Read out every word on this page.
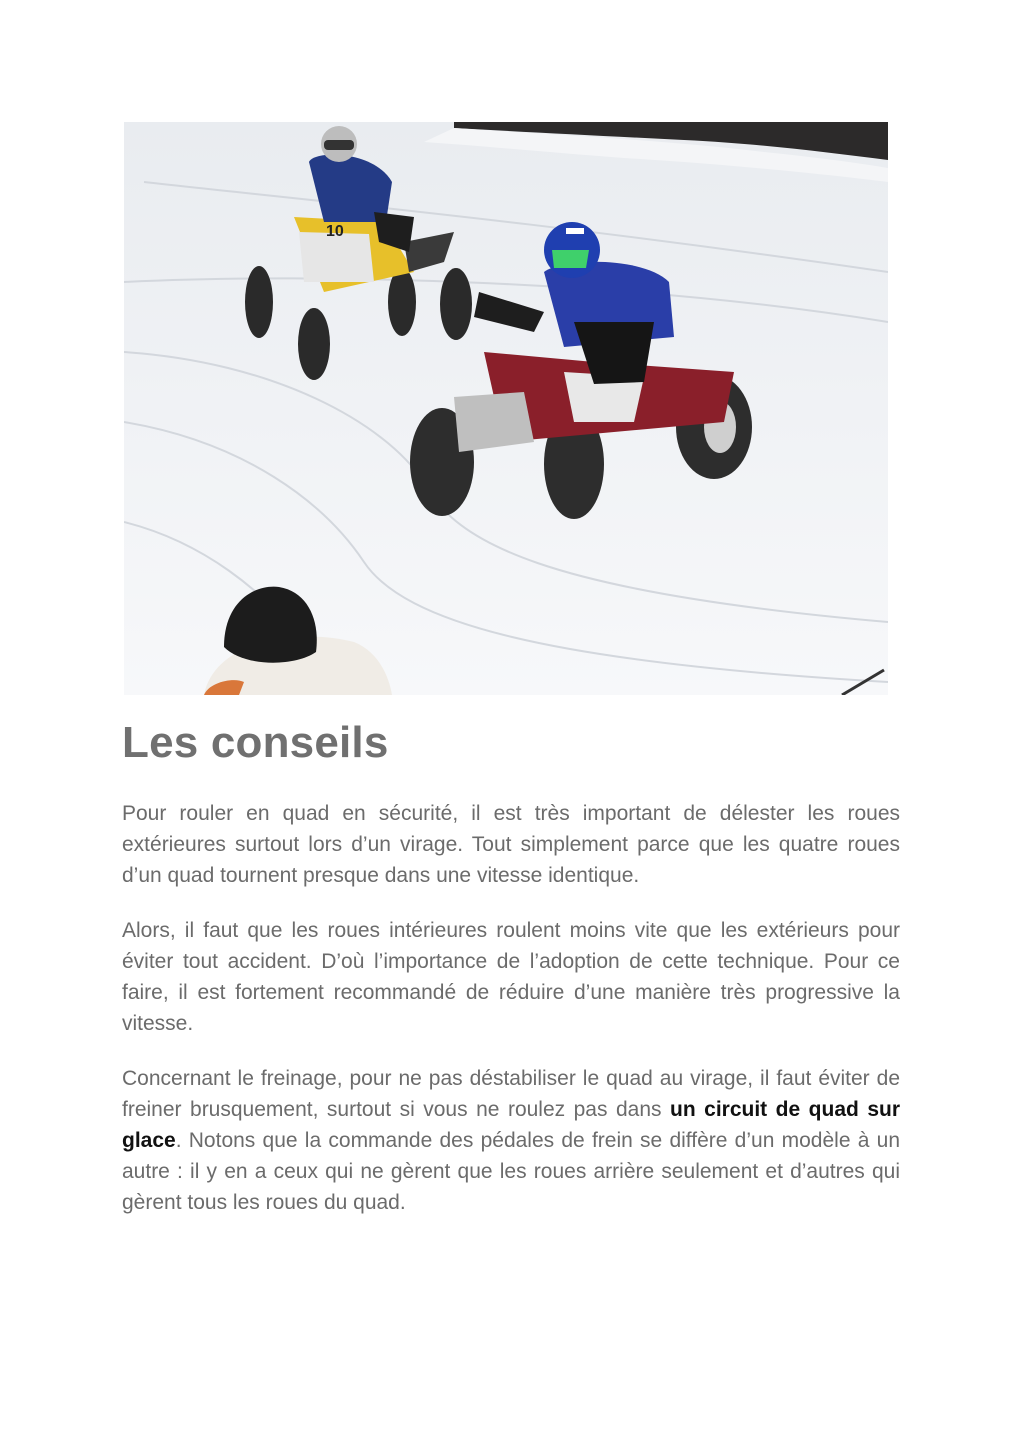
10
Les conseils

Pour rouler en quad en sécurité, il est très important de délester les roues extérieures surtout lors d’un virage. Tout simplement parce que les quatre roues d’un quad tournent presque dans une vitesse identique.

Alors, il faut que les roues intérieures roulent moins vite que les extérieurs pour éviter tout accident. D’où l’importance de l’adoption de cette technique. Pour ce faire, il est fortement recommandé de réduire d’une manière très progressive la vitesse.

Concernant le freinage, pour ne pas déstabiliser le quad au virage, il faut éviter de freiner brusquement, surtout si vous ne roulez pas dans un circuit de quad sur glace. Notons que la commande des pédales de frein se diffère d’un modèle à un autre : il y en a ceux qui ne gèrent que les roues arrière seulement et d’autres qui gèrent tous les roues du quad.
